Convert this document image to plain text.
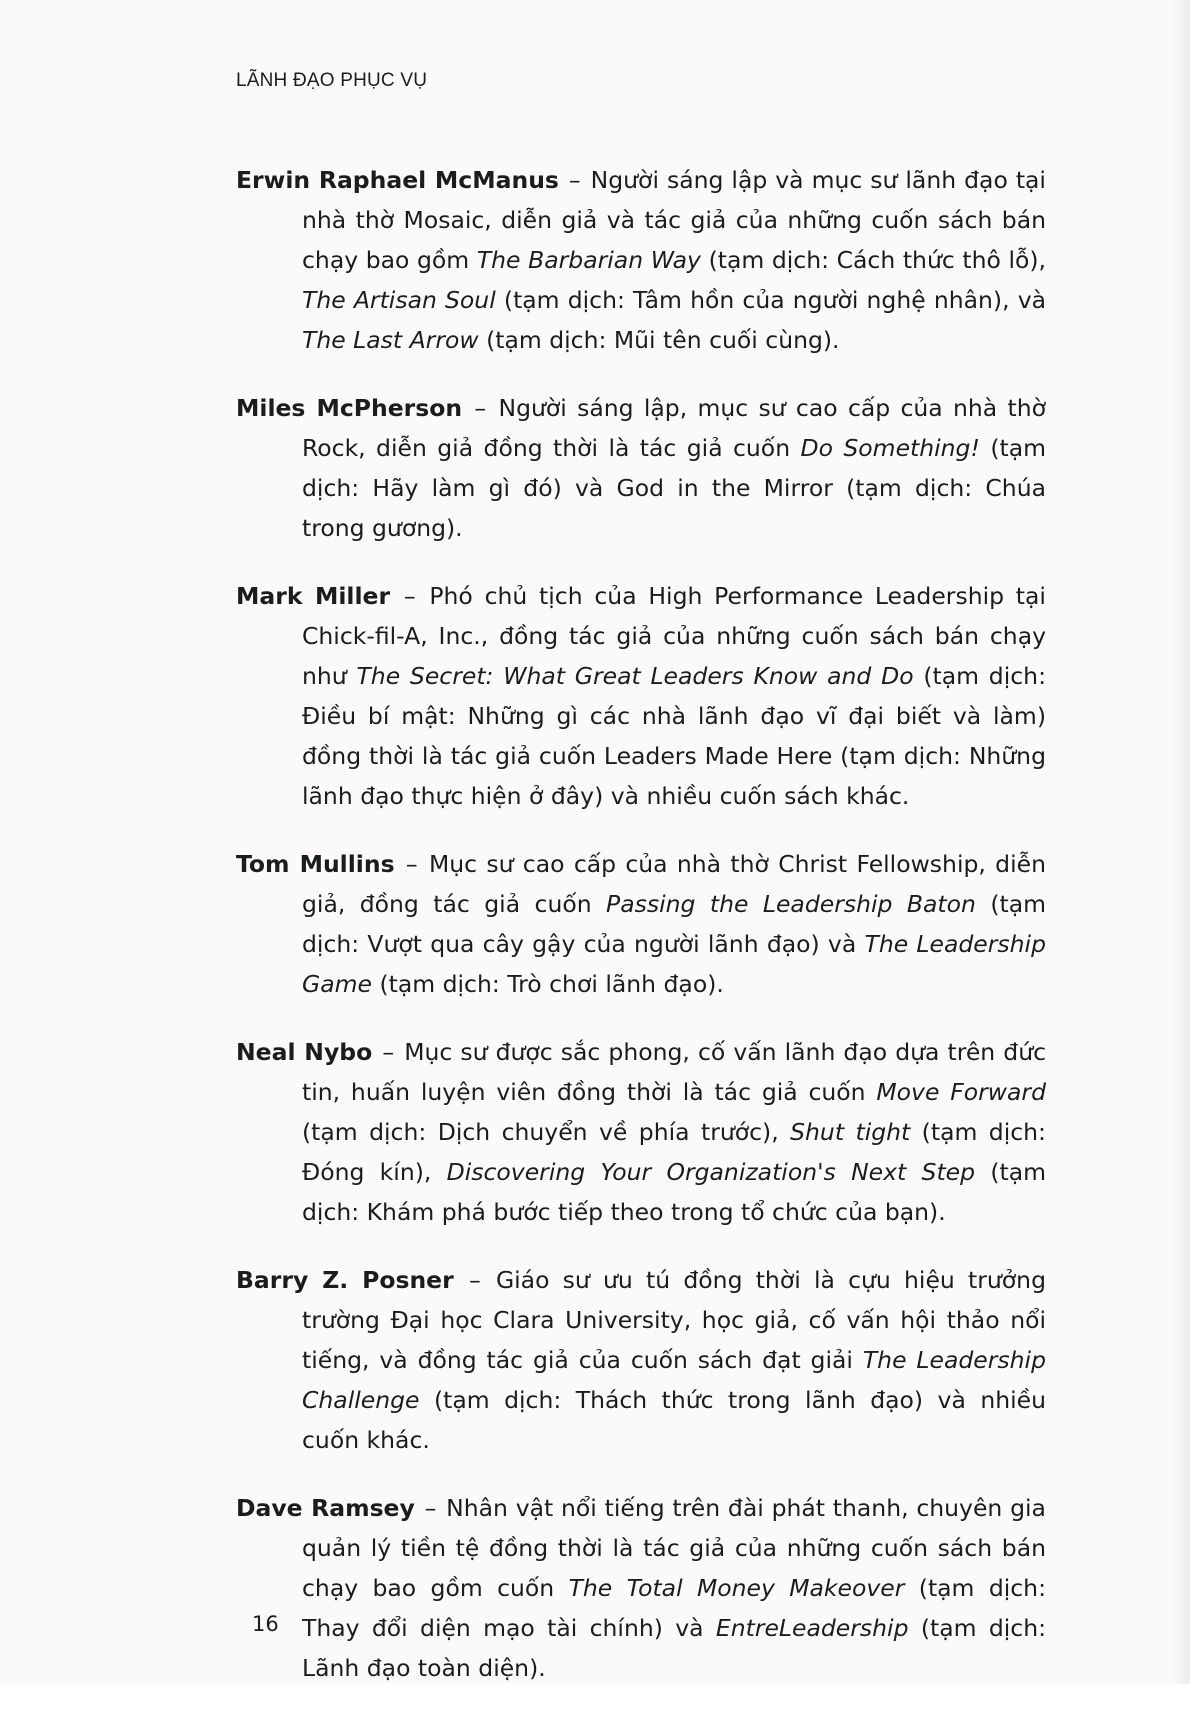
LÃNH ĐẠO PHỤC VỤ

Erwin Raphael McManus – Người sáng lập và mục sư lãnh đạo tại nhà thờ Mosaic, diễn giả và tác giả của những cuốn sách bán chạy bao gồm The Barbarian Way (tạm dịch: Cách thức thô lỗ), The Artisan Soul (tạm dịch: Tâm hồn của người nghệ nhân), và The Last Arrow (tạm dịch: Mũi tên cuối cùng).

Miles McPherson – Người sáng lập, mục sư cao cấp của nhà thờ Rock, diễn giả đồng thời là tác giả cuốn Do Something! (tạm dịch: Hãy làm gì đó) và God in the Mirror (tạm dịch: Chúa trong gương).

Mark Miller – Phó chủ tịch của High Performance Leadership tại Chick-fil-A, Inc., đồng tác giả của những cuốn sách bán chạy như The Secret: What Great Leaders Know and Do (tạm dịch: Điều bí mật: Những gì các nhà lãnh đạo vĩ đại biết và làm) đồng thời là tác giả cuốn Leaders Made Here (tạm dịch: Những lãnh đạo thực hiện ở đây) và nhiều cuốn sách khác.

Tom Mullins – Mục sư cao cấp của nhà thờ Christ Fellowship, diễn giả, đồng tác giả cuốn Passing the Leadership Baton (tạm dịch: Vượt qua cây gậy của người lãnh đạo) và The Leadership Game (tạm dịch: Trò chơi lãnh đạo).

Neal Nybo – Mục sư được sắc phong, cố vấn lãnh đạo dựa trên đức tin, huấn luyện viên đồng thời là tác giả cuốn Move Forward (tạm dịch: Dịch chuyển về phía trước), Shut tight (tạm dịch: Đóng kín), Discovering Your Organization's Next Step (tạm dịch: Khám phá bước tiếp theo trong tổ chức của bạn).

Barry Z. Posner – Giáo sư ưu tú đồng thời là cựu hiệu trưởng trường Đại học Clara University, học giả, cố vấn hội thảo nổi tiếng, và đồng tác giả của cuốn sách đạt giải The Leadership Challenge (tạm dịch: Thách thức trong lãnh đạo) và nhiều cuốn khác.

Dave Ramsey – Nhân vật nổi tiếng trên đài phát thanh, chuyên gia quản lý tiền tệ đồng thời là tác giả của những cuốn sách bán chạy bao gồm cuốn The Total Money Makeover (tạm dịch: Thay đổi diện mạo tài chính) và EntreLeadership (tạm dịch: Lãnh đạo toàn diện).

16
